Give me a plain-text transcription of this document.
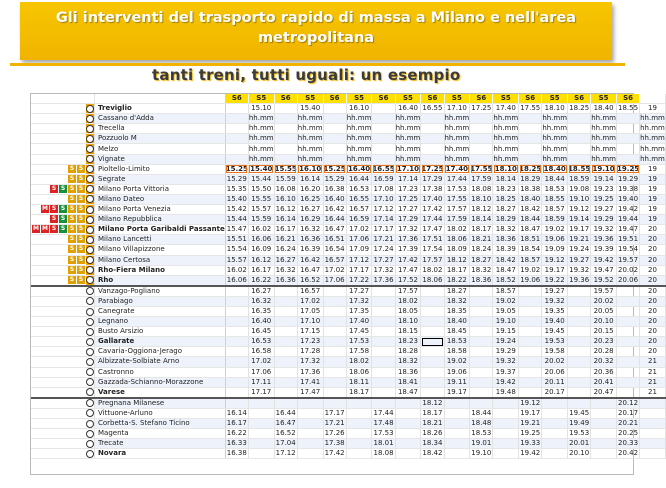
Gli interventi del trasporto rapido di massa a Milano e nell'area metropolitana
tanti treni, tutti uguali: un esempio
			S6	S5	S6	S5	S6	S5	S6	S5	S6	S5	S6	S5	S6	S5	S6	S5	S6	
		Treviglio		15.10		15.40		16.10		16.40	16.55	17.10	17.25	17.40	17.55	18.10	18.25	18.40	18.55	19
		Cassano d'Adda		hh.mm		hh.mm		hh.mm		hh.mm		hh.mm		hh.mm		hh.mm		hh.mm		hh.mm
		Trecella		hh.mm		hh.mm		hh.mm		hh.mm		hh.mm		hh.mm		hh.mm		hh.mm		hh.mm
		Pozzuolo M		hh.mm		hh.mm		hh.mm		hh.mm		hh.mm		hh.mm		hh.mm		hh.mm		hh.mm
		Melzo		hh.mm		hh.mm		hh.mm		hh.mm		hh.mm		hh.mm		hh.mm		hh.mm		hh.mm
		Vignate		hh.mm		hh.mm		hh.mm		hh.mm		hh.mm		hh.mm		hh.mm		hh.mm		hh.mm
S S		Pioltello-Limito	15.25	15.40	15.55	16.10	15.25	16.40	16.55	17.10	17.25	17.40	17.55	18.10	18.25	18.40	18.55	19.10	19.25	19
S S		Segrate	15.29	15.44	15.59	16.14	15.29	16.44	16.59	17.14	17.29	17.44	17.59	18.14	18.29	18.44	18.59	19.14	19.29	19
S S S S		Milano Porta Vittoria	15.35	15.50	16.08	16.20	16.38	16.53	17.08	17.23	17.38	17.53	18.08	18.23	18.38	18.53	19.08	19.23	19.38	19
S S		Milano Dateo	15.40	15.55	16.10	16.25	16.40	16.55	17.10	17.25	17.40	17.55	18.10	18.25	18.40	18.55	19.10	19.25	19.40	19
M S S S S		Milano Porta Venezia	15.42	15.57	16.12	16.27	16.42	16.57	17.12	17.27	17.42	17.57	18.12	18.27	18.42	18.57	19.12	19.27	19.42	19
S S S S		Milano Repubblica	15.44	15.59	16.14	16.29	16.44	16.59	17.14	17.29	17.44	17.59	18.14	18.29	18.44	18.59	19.14	19.29	19.44	19
M M S S S S		Milano Porta Garibaldi Passante	15.47	16.02	16.17	16.32	16.47	17.02	17.17	17.32	17.47	18.02	18.17	18.32	18.47	19.02	19.17	19.32	19.47	20
S S		Milano Lancetti	15.51	16.06	16.21	16.36	16.51	17.06	17.21	17.36	17.51	18.06	18.21	18.36	18.51	19.06	19.21	19.36	19.51	20
S S		Milano Villapizzone	15.54	16.09	16.24	16.39	16.54	17.09	17.24	17.39	17.54	18.09	18.24	18.39	18.54	19.09	19.24	19.39	19.54	20
S S		Milano Certosa	15.57	16.12	16.27	16.42	16.57	17.12	17.27	17.42	17.57	18.12	18.27	18.42	18.57	19.12	19.27	19.42	19.57	20
S S		Rho-Fiera Milano	16.02	16.17	16.32	16.47	17.02	17.17	17.32	17.47	18.02	18.17	18.32	18.47	19.02	19.17	19.32	19.47	20.02	20
S S		Rho	16.06	16.22	16.36	16.52	17.06	17.22	17.36	17.52	18.06	18.22	18.36	18.52	19.06	19.22	19.36	19.52	20.06	20
		Vanzago-Pogliano		16.27		16.57		17.27		17.57		18.27		18.57		19.27		19.57		20
		Parabiago		16.32		17.02		17.32		18.02		18.32		19.02		19.32		20.02		20
		Canegrate		16.35		17.05		17.35		18.05		18.35		19.05		19.35		20.05		20
		Legnano		16.40		17.10		17.40		18.10		18.40		19.10		19.40		20.10		20
		Busto Arsizio		16.45		17.15		17.45		18.15		18.45		19.15		19.45		20.15		20
		Gallarate		16.53		17.23		17.53		18.23		18.53		19.24		19.53		20.23		20
		Cavaria-Oggiona-Jerago		16.58		17.28		17.58		18.28		18.58		19.29		19.58		20.28		20
		Albizzate-Solbiate Arno		17.02		17.32		18.02		18.32		19.02		19.32		20.02		20.32		21
		Castronno		17.06		17.36		18.06		18.36		19.06		19.37		20.06		20.36		21
		Gazzada-Schianno-Morazzone		17.11		17.41		18.11		18.41		19.11		19.42		20.11		20.41		21
		Varese		17.17		17.47		18.17		18.47		19.17		19.48		20.17		20.47		21
		Pregnana Milanese									18.12				19.12				20.12	
		Vittuone-Arluno	16.14		16.44		17.17		17.44		18.17		18.44		19.17		19.45		20.17	
		Corbetta-S. Stefano Ticino	16.17		16.47		17.21		17.48		18.21		18.48		19.21		19.49		20.21	
		Magenta	16.22		16.52		17.26		17.53		18.26		18.53		19.25		19.53		20.25	
		Trecate	16.33		17.04		17.38		18.01		18.34		19.01		19.33		20.01		20.33	
		Novara	16.38		17.12		17.42		18.08		18.42		19.10		19.42		20.10		20.42	
